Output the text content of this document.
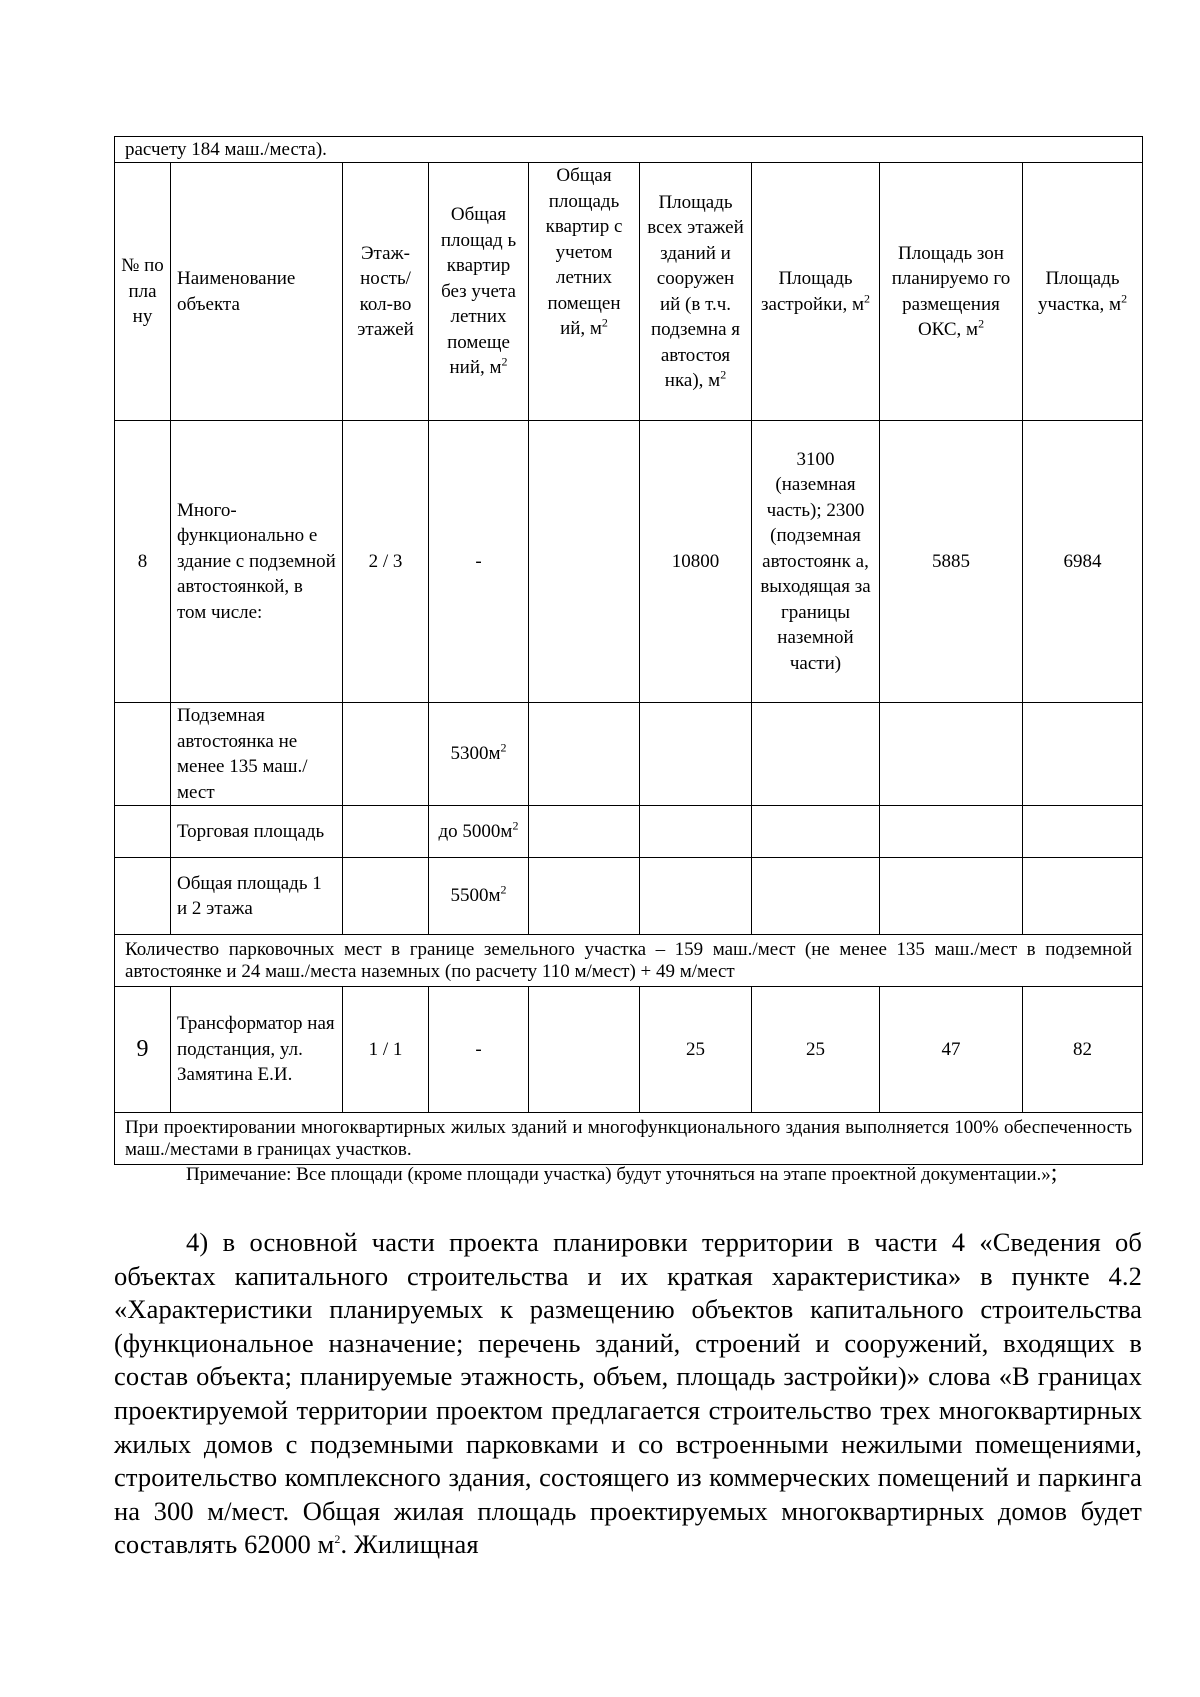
расчету 184 маш./места).								
№ по пла ну	Наименование объекта	Этаж-ность/ кол-во этажей	Общая площад ь квартир без учета летних помеще ний, $м^2$	Общая площадь квартир с учетом летних помещен ий, $м^2$	Площадь всех этажей зданий и сооружен ий (в т.ч. подземна я автостоя нка), $м^2$	Площадь застройки, $м^2$	Площадь зон планируемо го размещения ОКС, $м^2$	Площадь участка, $м^2$
8	Много-функционально е здание с подземной автостоянкой, в том числе:	2 / 3	-		10800	3100 (наземная часть); 2300 (подземная автостоянк а, выходящая за границы наземной части)	5885	6984
	Подземная автостоянка не менее 135 маш./мест		$5300м^2$					
	Торговая площадь		до $5000м^2$					
	Общая площадь 1 и 2 этажа		$5500м^2$					
Количество парковочных мест в границе земельного участка – 159 маш./мест (не менее 135 маш./мест в подземной автостоянке и 24 маш./места наземных (по расчету 110 м/мест) + 49 м/мест								
9	Трансформатор ная подстанция, ул. Замятина Е.И.	1 / 1	-		25	25	47	82
При проектировании многоквартирных жилых зданий и многофункционального здания выполняется 100% обеспеченность маш./местами в границах участков.								
Примечание: Все площади (кроме площади участка) будут уточняться на этапе проектной документации.»;
4) в основной части проекта планировки территории в части 4 «Сведения об объектах капитального строительства и их краткая характеристика» в пункте 4.2 «Характеристики планируемых к размещению объектов капитального строительства (функциональное назначение; перечень зданий, строений и сооружений, входящих в состав объекта; планируемые этажность, объем, площадь застройки)» слова «В границах проектируемой территории проектом предлагается строительство трех многоквартирных жилых домов с подземными парковками и со встроенными нежилыми помещениями, строительство комплексного здания, состоящего из коммерческих помещений и паркинга на 300 м/мест. Общая жилая площадь проектируемых многоквартирных домов будет составлять 62000 $м^2$. Жилищная
